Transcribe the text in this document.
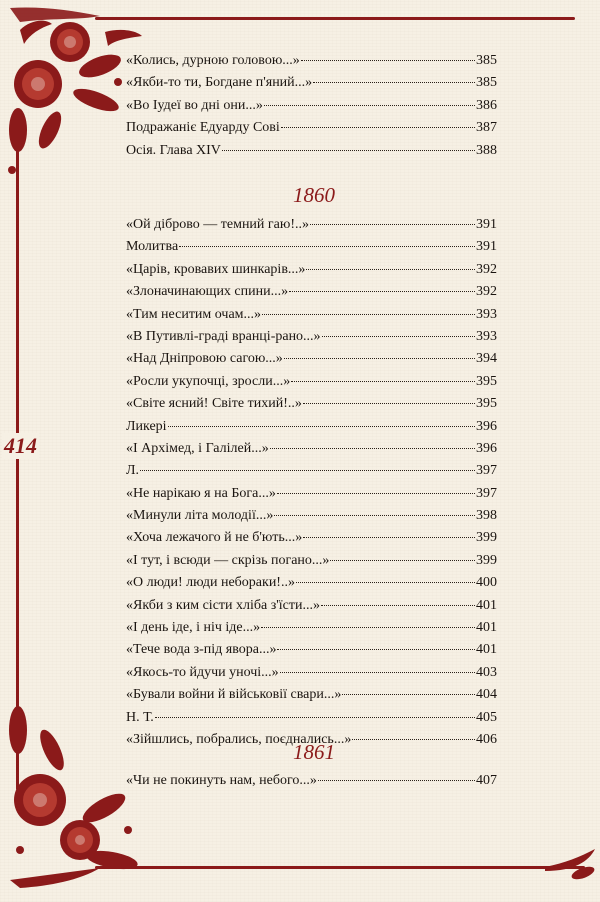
414
«Колись, дурною головою...»	385
«Якби-то ти, Богдане п'яний...»	385
«Во Іудеї во дні они...»	386
Подражаніє Едуарду Сові	387
Осія. Глава XIV	388
1860
«Ой діброво — темний гаю!..»	391
Молитва	391
«Царів, кровавих шинкарів...»	392
«Злоначинающих спини...»	392
«Тим неситим очам...»	393
«В Путивлі-граді вранці-рано...»	393
«Над Дніпровою сагою...»	394
«Росли укупочці, зросли...»	395
«Світе ясний! Світе тихий!..»	395
Ликері	396
«І Архімед, і Галілей...»	396
Л.	397
«Не нарікаю я на Бога...»	397
«Минули літа молодії...»	398
«Хоча лежачого й не б'ють...»	399
«І тут, і всюди — скрізь погано...»	399
«О люди! люди небораки!..»	400
«Якби з ким сісти хліба з'їсти...»	401
«І день іде, і ніч іде...»	401
«Тече вода з-під явора...»	401
«Якось-то йдучи уночі...»	403
«Бували войни й військовії свари...»	404
Н. Т.	405
«Зійшлись, побрались, поєднались...»	406
1861
«Чи не покинуть нам, небого...»	407
